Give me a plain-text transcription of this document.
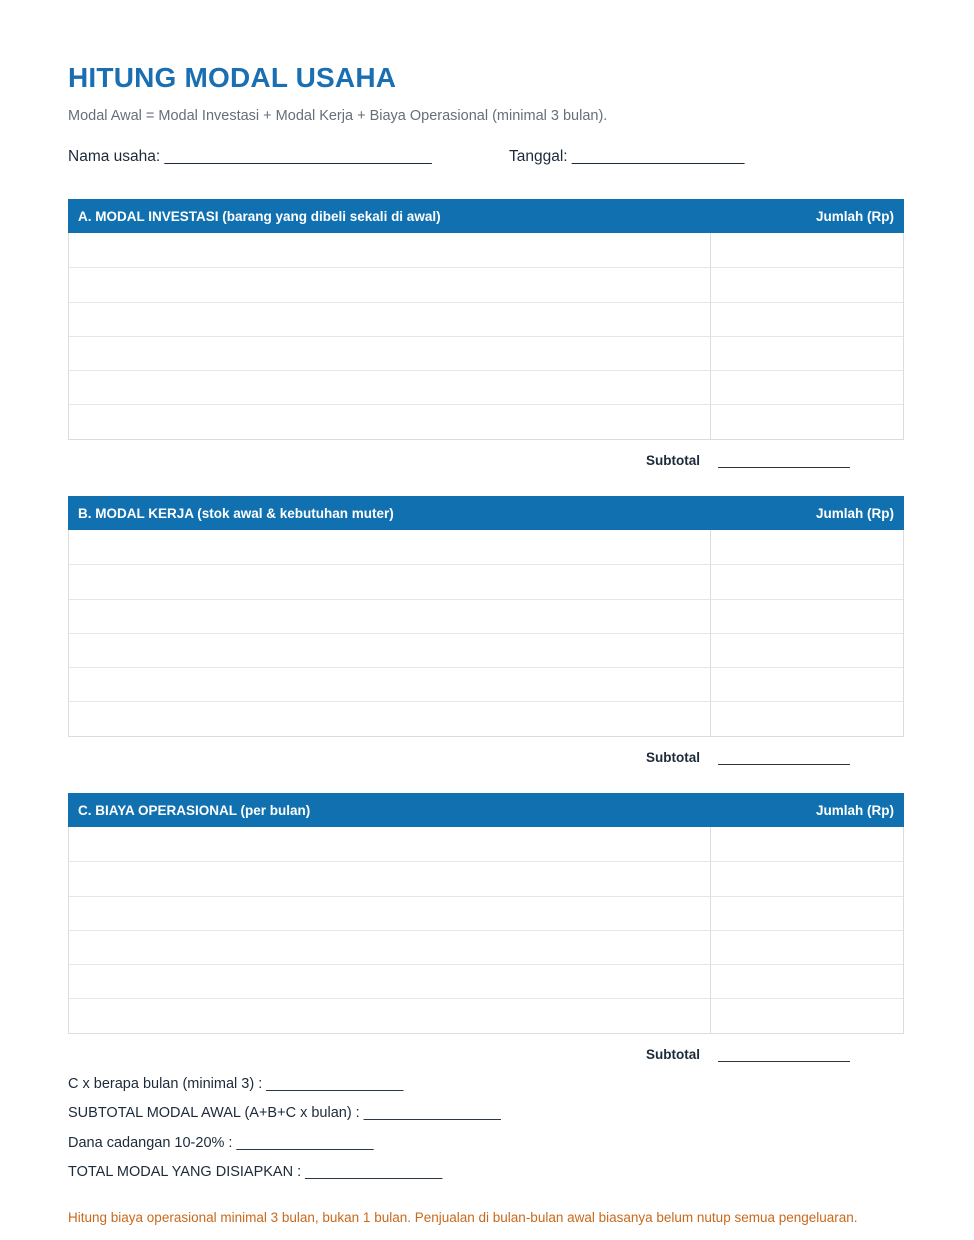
HITUNG MODAL USAHA
Modal Awal = Modal Investasi + Modal Kerja + Biaya Operasional (minimal 3 bulan).
Nama usaha: _______________________________	Tanggal: ____________________
A. MODAL INVESTASI (barang yang dibeli sekali di awal)	Jumlah (Rp)
Subtotal
B. MODAL KERJA (stok awal & kebutuhan muter)	Jumlah (Rp)
Subtotal
C. BIAYA OPERASIONAL (per bulan)	Jumlah (Rp)
Subtotal
C x berapa bulan (minimal 3) : _________________
SUBTOTAL MODAL AWAL (A+B+C x bulan) : _________________
Dana cadangan 10-20% : _________________
TOTAL MODAL YANG DISIAPKAN : _________________
Hitung biaya operasional minimal 3 bulan, bukan 1 bulan. Penjualan di bulan-bulan awal biasanya belum nutup semua pengeluaran.
